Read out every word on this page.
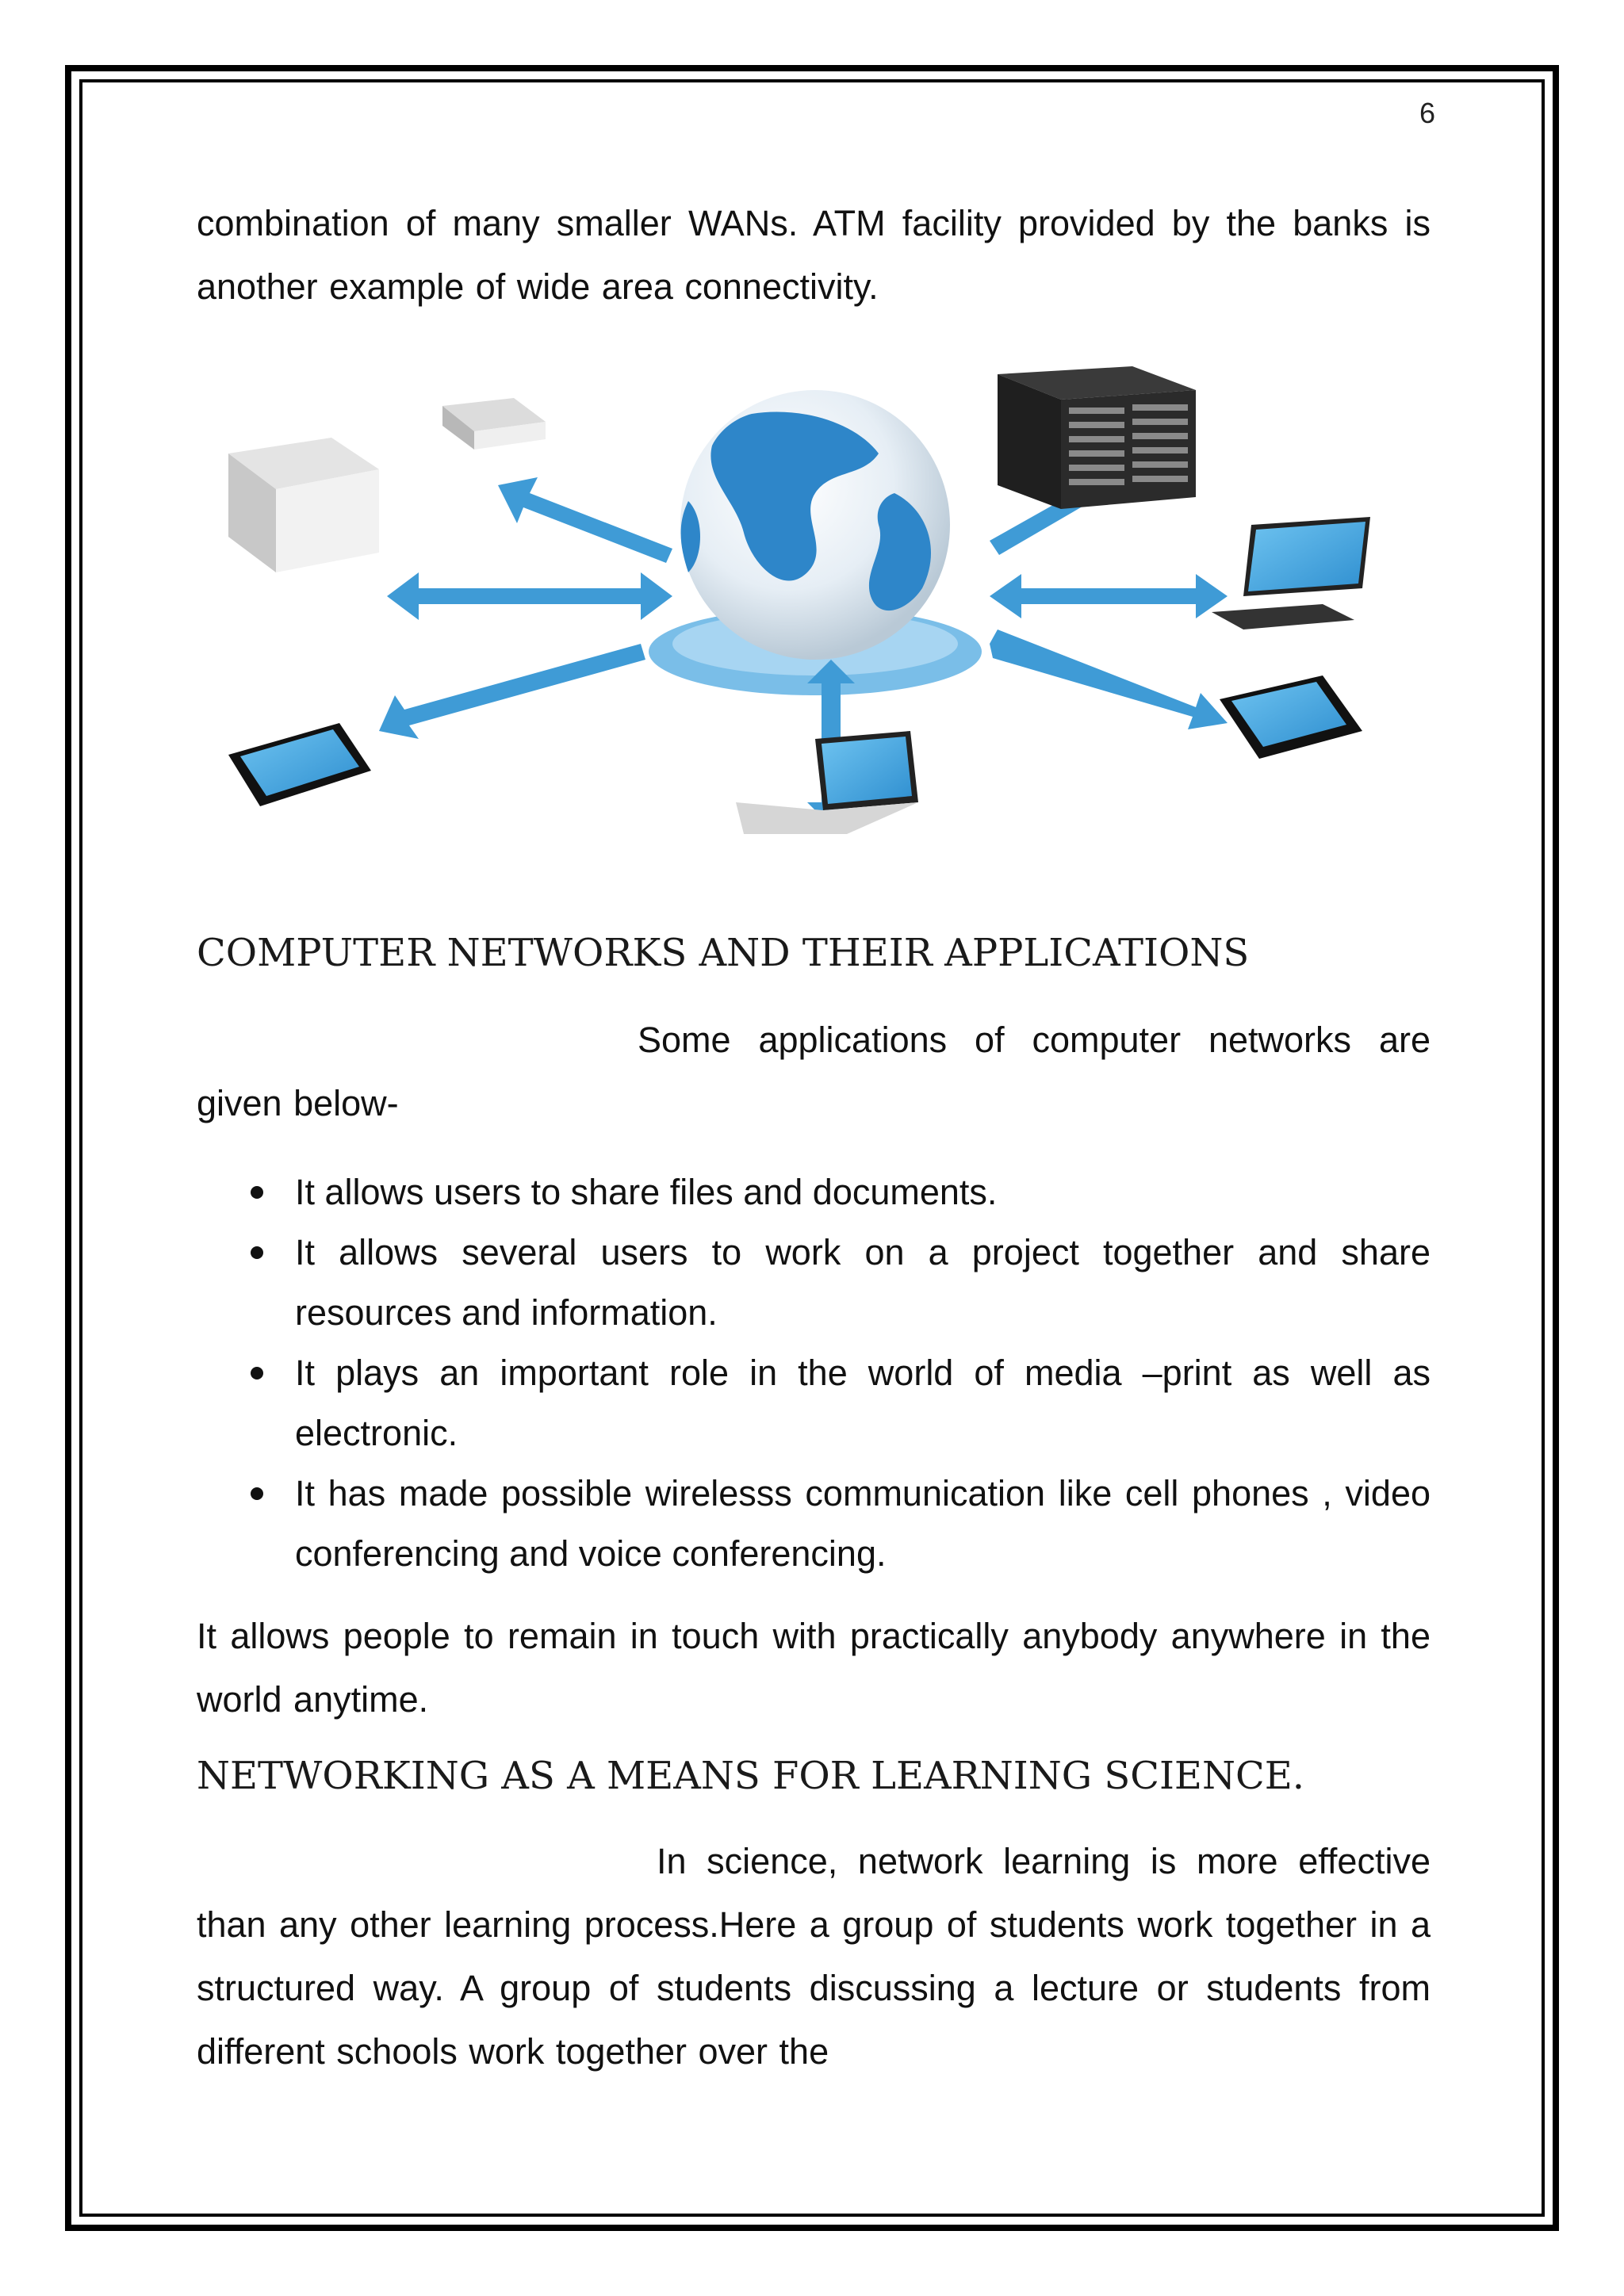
6

combination of many smaller WANs. ATM facility provided by the banks is another example of wide area connectivity.

COMPUTER NETWORKS AND THEIR APPLICATIONS

Some applications of computer networks are given below-

It allows users to share files and documents.
It allows several users to work on a project together and share resources and information.
It plays an important role in the world of media –print as well as electronic.
It has made possible wirelesss communication like cell phones , video conferencing and voice conferencing.

It allows people to remain in touch with practically anybody anywhere in the world anytime.

NETWORKING AS A MEANS FOR LEARNING SCIENCE.

In science, network learning is more effective than any other learning process.Here a group of students work together in a structured way. A group of students discussing a lecture or students from different schools work together over the
